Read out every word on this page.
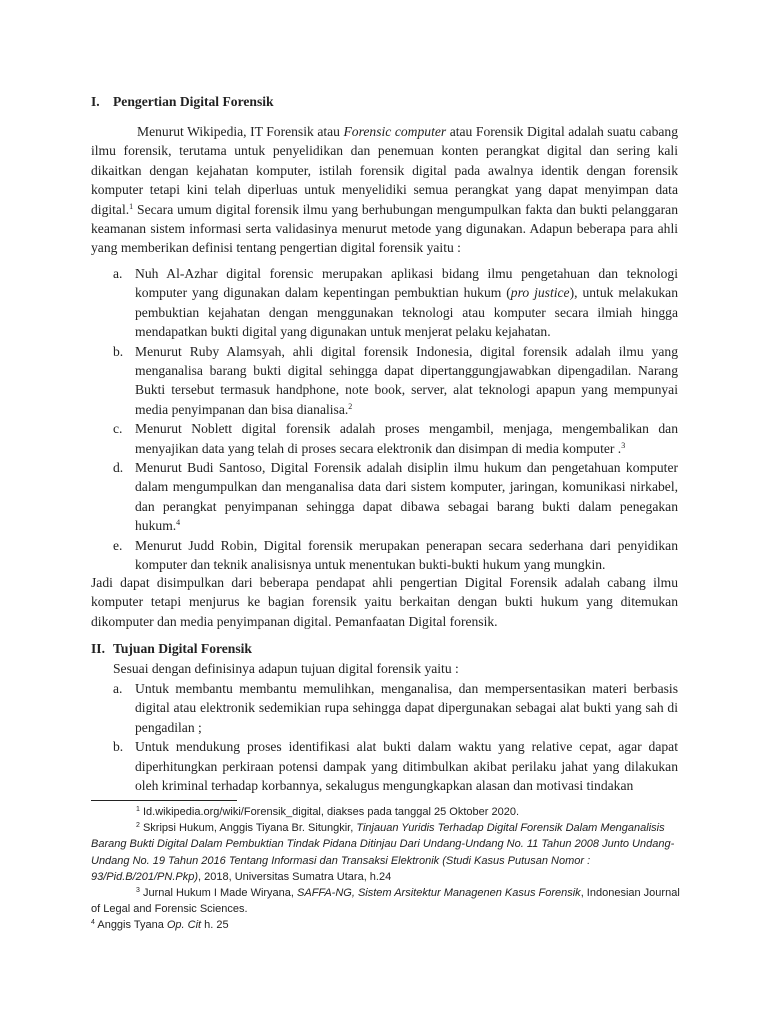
I. Pengertian Digital Forensik

Menurut Wikipedia, IT Forensik atau Forensic computer atau Forensik Digital adalah suatu cabang ilmu forensik, terutama untuk penyelidikan dan penemuan konten perangkat digital dan sering kali dikaitkan dengan kejahatan komputer, istilah forensik digital pada awalnya identik dengan forensik komputer tetapi kini telah diperluas untuk menyelidiki semua perangkat yang dapat menyimpan data digital.$^1$ Secara umum digital forensik ilmu yang berhubungan mengumpulkan fakta dan bukti pelanggaran keamanan sistem informasi serta validasinya menurut metode yang digunakan. Adapun beberapa para ahli yang memberikan definisi tentang pengertian digital forensik yaitu :

a. Nuh Al-Azhar digital forensic merupakan aplikasi bidang ilmu pengetahuan dan teknologi komputer yang digunakan dalam kepentingan pembuktian hukum (pro justice), untuk melakukan pembuktian kejahatan dengan menggunakan teknologi atau komputer secara ilmiah hingga mendapatkan bukti digital yang digunakan untuk menjerat pelaku kejahatan.
b. Menurut Ruby Alamsyah, ahli digital forensik Indonesia, digital forensik adalah ilmu yang menganalisa barang bukti digital sehingga dapat dipertanggungjawabkan dipengadilan. Narang Bukti tersebut termasuk handphone, note book, server, alat teknologi apapun yang mempunyai media penyimpanan dan bisa dianalisa.$^2$
c. Menurut Noblett digital forensik adalah proses mengambil, menjaga, mengembalikan dan menyajikan data yang telah di proses secara elektronik dan disimpan di media komputer .$^3$
d. Menurut Budi Santoso, Digital Forensik adalah disiplin ilmu hukum dan pengetahuan komputer dalam mengumpulkan dan menganalisa data dari sistem komputer, jaringan, komunikasi nirkabel, dan perangkat penyimpanan sehingga dapat dibawa sebagai barang bukti dalam penegakan hukum.$^4$
e. Menurut Judd Robin, Digital forensik merupakan penerapan secara sederhana dari penyidikan komputer dan teknik analisisnya untuk menentukan bukti-bukti hukum yang mungkin.

Jadi dapat disimpulkan dari beberapa pendapat ahli pengertian Digital Forensik adalah cabang ilmu komputer tetapi menjurus ke bagian forensik yaitu berkaitan dengan bukti hukum yang ditemukan dikomputer dan media penyimpanan digital. Pemanfaatan Digital forensik.

II. Tujuan Digital Forensik

Sesuai dengan definisinya adapun tujuan digital forensik yaitu :

a. Untuk membantu membantu memulihkan, menganalisa, dan mempersentasikan materi berbasis digital atau elektronik sedemikian rupa sehingga dapat dipergunakan sebagai alat bukti yang sah di pengadilan ;
b. Untuk mendukung proses identifikasi alat bukti dalam waktu yang relative cepat, agar dapat diperhitungkan perkiraan potensi dampak yang ditimbulkan akibat perilaku jahat yang dilakukan oleh kriminal terhadap korbannya, sekalugus mengungkapkan alasan dan motivasi tindakan

$^1$ Id.wikipedia.org/wiki/Forensik_digital, diakses pada tanggal 25 Oktober 2020.

$^2$ Skripsi Hukum, Anggis Tiyana Br. Situngkir, Tinjauan Yuridis Terhadap Digital Forensik Dalam Menganalisis Barang Bukti Digital Dalam Pembuktian Tindak Pidana Ditinjau Dari Undang-Undang No. 11 Tahun 2008 Junto Undang-Undang No. 19 Tahun 2016 Tentang Informasi dan Transaksi Elektronik (Studi Kasus Putusan Nomor : 93/Pid.B/201/PN.Pkp), 2018, Universitas Sumatra Utara, h.24

$^3$ Jurnal Hukum I Made Wiryana, SAFFA-NG, Sistem Arsitektur Managenen Kasus Forensik, Indonesian Journal of Legal and Forensic Sciences.

$^4$ Anggis Tyana Op. Cit h. 25
